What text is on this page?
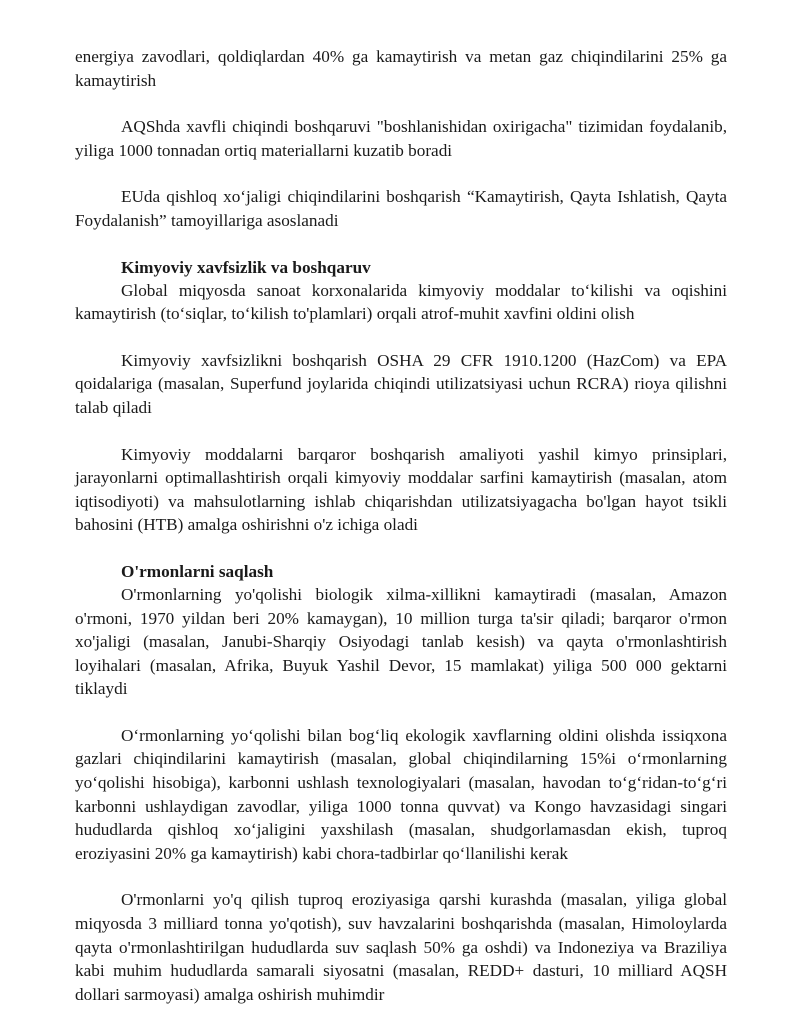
energiya zavodlari, qoldiqlardan 40% ga kamaytirish va metan gaz chiqindilarini 25% ga kamaytirish

AQShda xavfli chiqindi boshqaruvi "boshlanishidan oxirigacha" tizimidan foydalanib, yiliga 1000 tonnadan ortiq materiallarni kuzatib boradi

EUda qishloq xo‘jaligi chiqindilarini boshqarish “Kamaytirish, Qayta Ishlatish, Qayta Foydalanish” tamoyillariga asoslanadi

Kimyoviy xavfsizlik va boshqaruv

Global miqyosda sanoat korxonalarida kimyoviy moddalar to‘kilishi va oqishini kamaytirish (to‘siqlar, to‘kilish to'plamlari) orqali atrof-muhit xavfini oldini olish

Kimyoviy xavfsizlikni boshqarish OSHA 29 CFR 1910.1200 (HazCom) va EPA qoidalariga (masalan, Superfund joylarida chiqindi utilizatsiyasi uchun RCRA) rioya qilishni talab qiladi

Kimyoviy moddalarni barqaror boshqarish amaliyoti yashil kimyo prinsiplari, jarayonlarni optimallashtirish orqali kimyoviy moddalar sarfini kamaytirish (masalan, atom iqtisodiyoti) va mahsulotlarning ishlab chiqarishdan utilizatsiyagacha bo'lgan hayot tsikli bahosini (HTB) amalga oshirishni o'z ichiga oladi

O'rmonlarni saqlash

O'rmonlarning yo'qolishi biologik xilma-xillikni kamaytiradi (masalan, Amazon o'rmoni, 1970 yildan beri 20% kamaygan), 10 million turga ta'sir qiladi; barqaror o'rmon xo'jaligi (masalan, Janubi-Sharqiy Osiyodagi tanlab kesish) va qayta o'rmonlashtirish loyihalari (masalan, Afrika, Buyuk Yashil Devor, 15 mamlakat) yiliga 500 000 gektarni tiklaydi

O‘rmonlarning yo‘qolishi bilan bog‘liq ekologik xavflarning oldini olishda issiqxona gazlari chiqindilarini kamaytirish (masalan, global chiqindilarning 15%i o‘rmonlarning yo‘qolishi hisobiga), karbonni ushlash texnologiyalari (masalan, havodan to‘g‘ridan-to‘g‘ri karbonni ushlaydigan zavodlar, yiliga 1000 tonna quvvat) va Kongo havzasidagi singari hududlarda qishloq xo‘jaligini yaxshilash (masalan, shudgorlamasdan ekish, tuproq eroziyasini 20% ga kamaytirish) kabi chora-tadbirlar qo‘llanilishi kerak

O'rmonlarni yo'q qilish tuproq eroziyasiga qarshi kurashda (masalan, yiliga global miqyosda 3 milliard tonna yo'qotish), suv havzalarini boshqarishda (masalan, Himoloylarda qayta o'rmonlashtirilgan hududlarda suv saqlash 50% ga oshdi) va Indoneziya va Braziliya kabi muhim hududlarda samarali siyosatni (masalan, REDD+ dasturi, 10 milliard AQSH dollari sarmoyasi) amalga oshirish muhimdir
